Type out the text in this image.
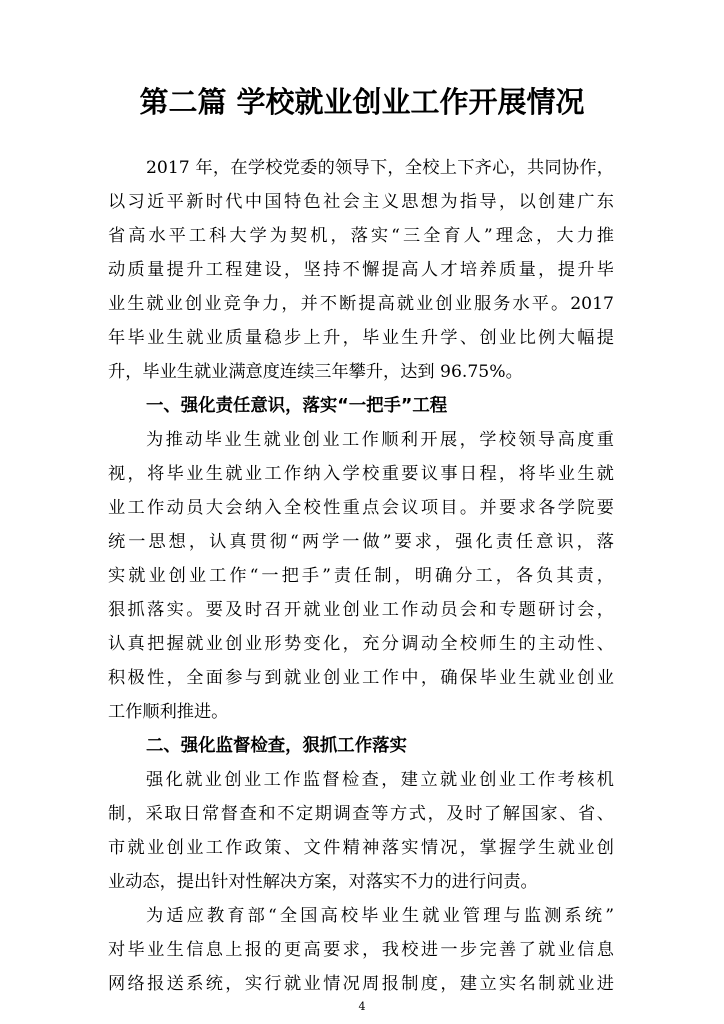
第二篇 学校就业创业工作开展情况
2017 年，在学校党委的领导下，全校上下齐心，共同协作，
以习近平新时代中国特色社会主义思想为指导，以创建广东
省高水平工科大学为契机，落实“三全育人”理念，大力推
动质量提升工程建设，坚持不懈提高人才培养质量，提升毕
业生就业创业竞争力，并不断提高就业创业服务水平。2017
年毕业生就业质量稳步上升，毕业生升学、创业比例大幅提
升，毕业生就业满意度连续三年攀升，达到 96.75%。
一、强化责任意识，落实“一把手”工程
为推动毕业生就业创业工作顺利开展，学校领导高度重
视，将毕业生就业工作纳入学校重要议事日程，将毕业生就
业工作动员大会纳入全校性重点会议项目。并要求各学院要
统一思想，认真贯彻“两学一做”要求，强化责任意识，落
实就业创业工作“一把手”责任制，明确分工，各负其责，
狠抓落实。要及时召开就业创业工作动员会和专题研讨会，
认真把握就业创业形势变化，充分调动全校师生的主动性、
积极性，全面参与到就业创业工作中，确保毕业生就业创业
工作顺利推进。
二、强化监督检查，狠抓工作落实
强化就业创业工作监督检查，建立就业创业工作考核机
制，采取日常督查和不定期调查等方式，及时了解国家、省、
市就业创业工作政策、文件精神落实情况，掌握学生就业创
业动态，提出针对性解决方案，对落实不力的进行问责。
为适应教育部“全国高校毕业生就业管理与监测系统”
对毕业生信息上报的更高要求，我校进一步完善了就业信息
网络报送系统，实行就业情况周报制度，建立实名制就业进
4
